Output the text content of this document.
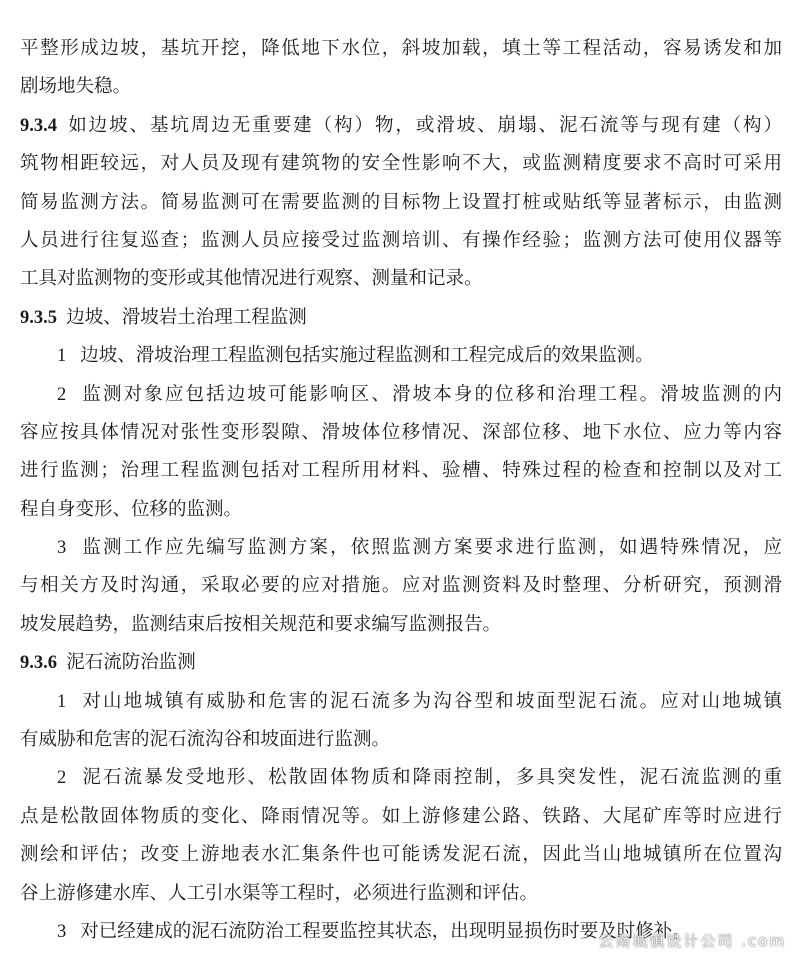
平整形成边坡，基坑开挖，降低地下水位，斜坡加载，填土等工程活动，容易诱发和加
剧场地失稳。
9.3.4  如边坡、基坑周边无重要建（构）物，或滑坡、崩塌、泥石流等与现有建（构）
筑物相距较远，对人员及现有建筑物的安全性影响不大，或监测精度要求不高时可采用
简易监测方法。简易监测可在需要监测的目标物上设置打桩或贴纸等显著标示，由监测
人员进行往复巡查；监测人员应接受过监测培训、有操作经验；监测方法可使用仪器等
工具对监测物的变形或其他情况进行观察、测量和记录。
9.3.5  边坡、滑坡岩土治理工程监测
1 边坡、滑坡治理工程监测包括实施过程监测和工程完成后的效果监测。
2 监测对象应包括边坡可能影响区、滑坡本身的位移和治理工程。滑坡监测的内
容应按具体情况对张性变形裂隙、滑坡体位移情况、深部位移、地下水位、应力等内容
进行监测；治理工程监测包括对工程所用材料、验槽、特殊过程的检查和控制以及对工
程自身变形、位移的监测。
3 监测工作应先编写监测方案，依照监测方案要求进行监测，如遇特殊情况，应
与相关方及时沟通，采取必要的应对措施。应对监测资料及时整理、分析研究，预测滑
坡发展趋势，监测结束后按相关规范和要求编写监测报告。
9.3.6  泥石流防治监测
1 对山地城镇有威胁和危害的泥石流多为沟谷型和坡面型泥石流。应对山地城镇
有威胁和危害的泥石流沟谷和坡面进行监测。
2 泥石流暴发受地形、松散固体物质和降雨控制，多具突发性，泥石流监测的重
点是松散固体物质的变化、降雨情况等。如上游修建公路、铁路、大尾矿库等时应进行
测绘和评估；改变上游地表水汇集条件也可能诱发泥石流，因此当山地城镇所在位置沟
谷上游修建水库、人工引水渠等工程时，必须进行监测和评估。
3 对已经建成的泥石流防治工程要监控其状态，出现明显损伤时要及时修补。
云南城镇设计公司 .com
